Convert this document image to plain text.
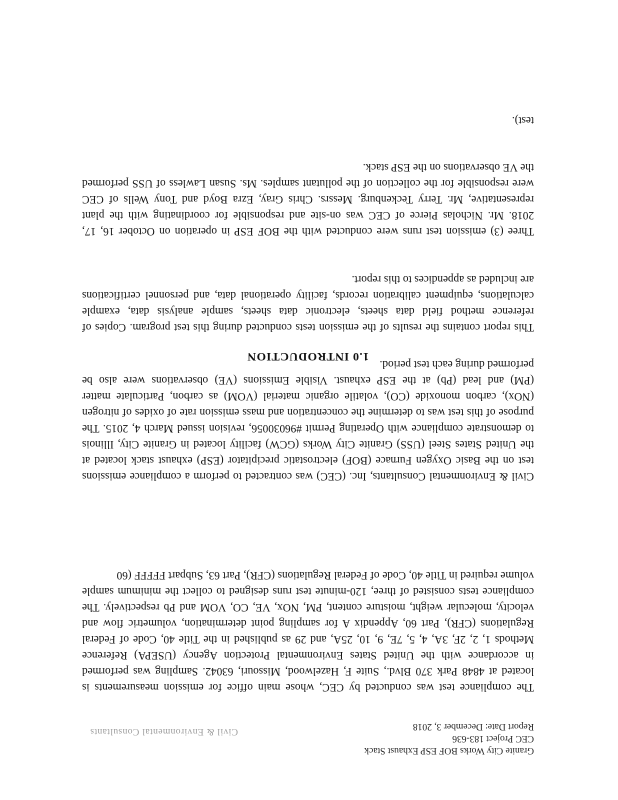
Granite City Works BOF ESP Exhaust Stack
CEC Project 183-636
Report Date: December 3, 2018
Civil & Environmental Consultants
The compliance test was conducted by CEC, whose main office for emission measurements is
located at 4848 Park 370 Blvd., Suite F, Hazelwood, Missouri, 63042. Sampling was performed
in accordance with the United States Environmental Protection Agency (USEPA) Reference
Methods 1, 2, 2F, 3A, 4, 5, 7E, 9, 10, 25A, and 29 as published in the Title 40, Code of Federal
Regulations (CFR), Part 60, Appendix A for sampling point determination, volumetric flow and
velocity, molecular weight, moisture content, PM, NOx, VE, CO, VOM and Pb respectively. The
compliance tests consisted of three, 120-minute test runs designed to collect the minimum sample
volume required in Title 40, Code of Federal Regulations (CFR), Part 63, Subpart FFFFF (60
Civil & Environmental Consultants, Inc. (CEC) was contracted to perform a compliance emissions
test on the Basic Oxygen Furnace (BOF) electrostatic precipitator (ESP) exhaust stack located at
the United States Steel (USS) Granite City Works (GCW) facility located in Granite City, Illinois
to demonstrate compliance with Operating Permit #96030056, revision issued March 4, 2015. The
purpose of this test was to determine the concentration and mass emission rate of oxides of nitrogen
(NOx), carbon monoxide (CO), volatile organic material (VOM) as carbon, Particulate matter
(PM) and lead (Pb) at the ESP exhaust. Visible Emissions (VE) observations were also be
performed during each test period.
1.0 INTRODUCTION
This report contains the results of the emission tests conducted during this test program. Copies of
reference method field data sheets, electronic data sheets, sample analysis data, example
calculations, equipment calibration records, facility operational data, and personnel certifications
are included as appendices to this report.
Three (3) emission test runs were conducted with the BOF ESP in operation on October 16, 17,
2018. Mr. Nicholas Pierce of CEC was on-site and responsible for coordinating with the plant
representative, Mr. Terry Teckenburg. Messrs. Chris Gray, Ezra Boyd and Tony Wells of CEC
were responsible for the collection of the pollutant samples. Ms. Susan Lawless of USS performed
the VE observations on the ESP stack.
test).
